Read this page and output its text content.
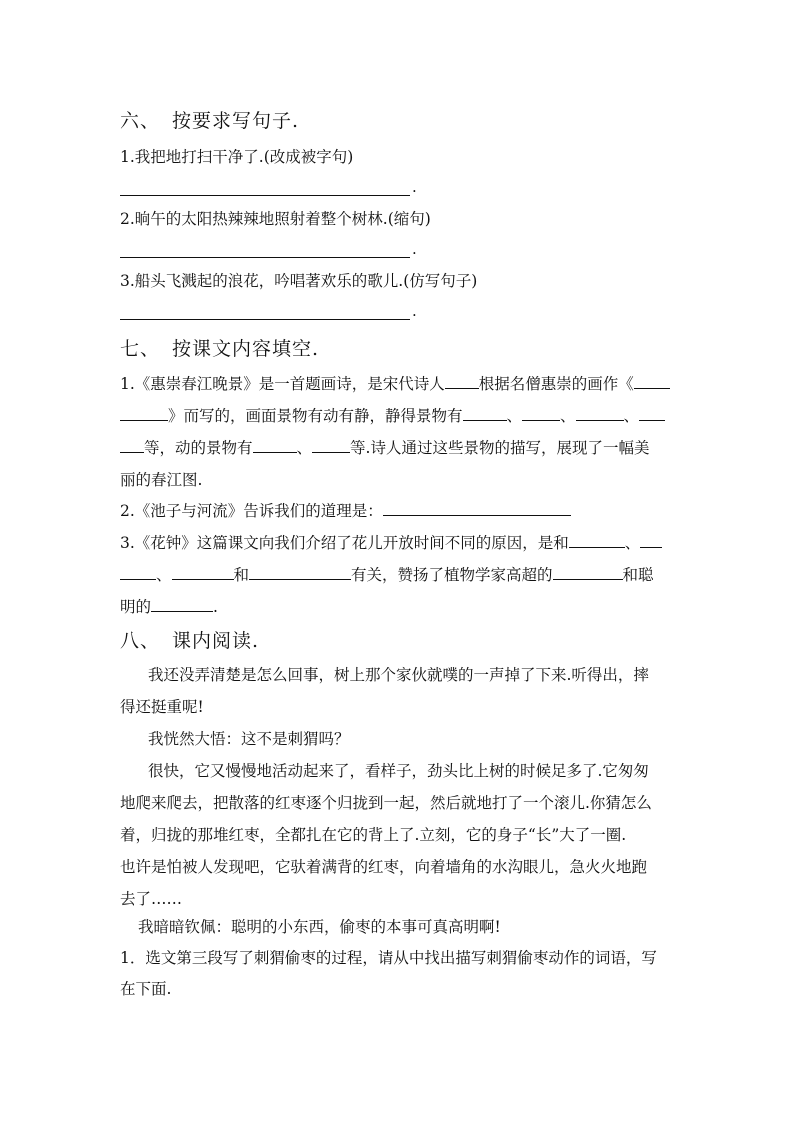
六、 按要求写句子.
1.我把地打扫干净了.(改成被字句)
.
2.晌午的太阳热辣辣地照射着整个树林.(缩句)
.
3.船头飞溅起的浪花，吟唱著欢乐的歌儿.(仿写句子)
.
七、 按课文内容填空.
1.《惠崇春江晚景》是一首题画诗，是宋代诗人 根据名僧惠崇的画作《
》而写的，画面景物有动有静，静得景物有	、 、	、
等，动的景物有	、 等.诗人通过这些景物的描写，展现了一幅美
丽的春江图.
2.《池子与河流》告诉我们的道理是：
3.《花钟》这篇课文向我们介绍了花儿开放时间不同的原因，是和	、
、	和	有关，赞扬了植物学家高超的	和聪
明的	.
八、 课内阅读.
我还没弄清楚是怎么回事，树上那个家伙就噗的一声掉了下来.听得出，摔
得还挺重呢!
我恍然大悟：这不是刺猬吗？
很快，它又慢慢地活动起来了，看样子，劲头比上树的时候足多了.它匆匆
地爬来爬去，把散落的红枣逐个归拢到一起，然后就地打了一个滚儿.你猜怎么
着，归拢的那堆红枣，全都扎在它的背上了.立刻，它的身子“长”大了一圈.
也许是怕被人发现吧，它驮着满背的红枣，向着墙角的水沟眼儿，急火火地跑
去了……
我暗暗钦佩：聪明的小东西，偷枣的本事可真高明啊!
1．选文第三段写了刺猬偷枣的过程，请从中找出描写刺猬偷枣动作的词语，写
在下面.
